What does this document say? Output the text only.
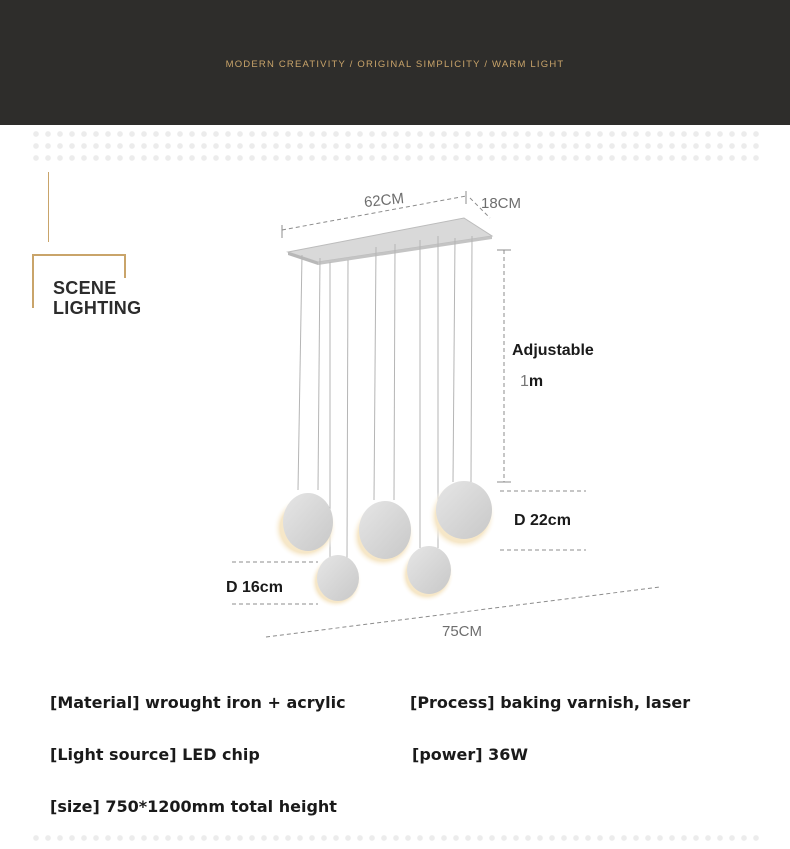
MODERN CREATIVITY / ORIGINAL SIMPLICITY / WARM LIGHT
SCENE
LIGHTING
62CM	18CM
Adjustable
1m
D 22cm
D 16cm
75CM
[Material] wrought iron + acrylic	[Process] baking varnish, laser
[Light source] LED chip	[power] 36W
[size] 750*1200mm total height
